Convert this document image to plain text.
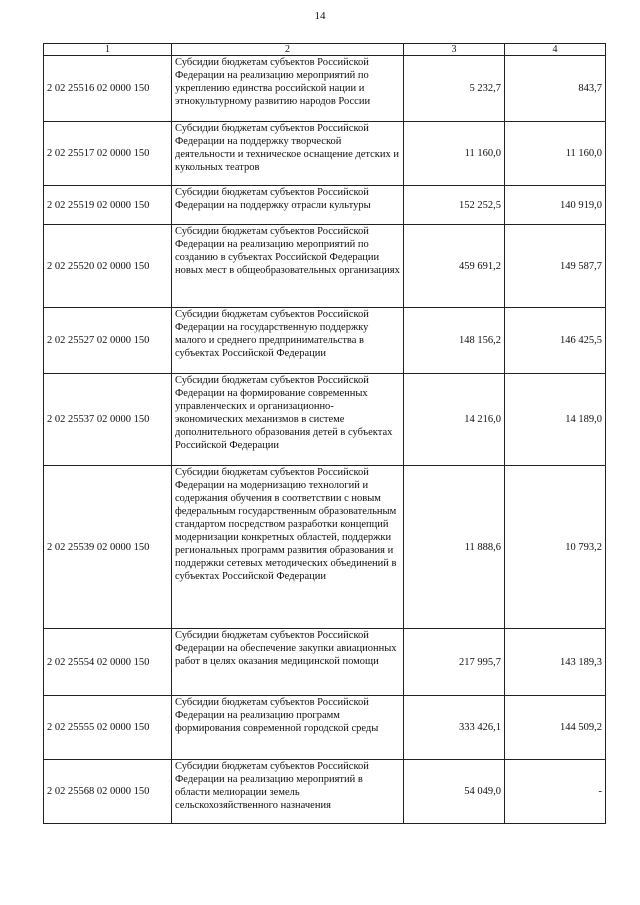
14
1	2	3	4
2 02 25516 02 0000 150	Субсидии бюджетам субъектов Российской Федерации на реализацию мероприятий по укреплению единства российской нации и этнокультурному развитию народов России	5 232,7	843,7
2 02 25517 02 0000 150	Субсидии бюджетам субъектов Российской Федерации на поддержку творческой деятельности и техническое оснащение детских и кукольных театров	11 160,0	11 160,0
2 02 25519 02 0000 150	Субсидии бюджетам субъектов Российской Федерации на поддержку отрасли культуры	152 252,5	140 919,0
2 02 25520 02 0000 150	Субсидии бюджетам субъектов Российской Федерации на реализацию мероприятий по созданию в субъектах Российской Федерации новых мест в общеобразовательных организациях	459 691,2	149 587,7
2 02 25527 02 0000 150	Субсидии бюджетам субъектов Российской Федерации на государственную поддержку малого и среднего предпринимательства в субъектах Российской Федерации	148 156,2	146 425,5
2 02 25537 02 0000 150	Субсидии бюджетам субъектов Российской Федерации на формирование современных управленческих и организационно-экономических механизмов в системе дополнительного образования детей в субъектах Российской Федерации	14 216,0	14 189,0
2 02 25539 02 0000 150	Субсидии бюджетам субъектов Российской Федерации на модернизацию технологий и содержания обучения в соответствии с новым федеральным государственным образовательным стандартом посредством разработки концепций модернизации конкретных областей, поддержки региональных программ развития образования и поддержки сетевых методических объединений в субъектах Российской Федерации	11 888,6	10 793,2
2 02 25554 02 0000 150	Субсидии бюджетам субъектов Российской Федерации на обеспечение закупки авиационных работ в целях оказания медицинской помощи	217 995,7	143 189,3
2 02 25555 02 0000 150	Субсидии бюджетам субъектов Российской Федерации на реализацию программ формирования современной городской среды	333 426,1	144 509,2
2 02 25568 02 0000 150	Субсидии бюджетам субъектов Российской Федерации на реализацию мероприятий в области мелиорации земель сельскохозяйственного назначения	54 049,0	-
